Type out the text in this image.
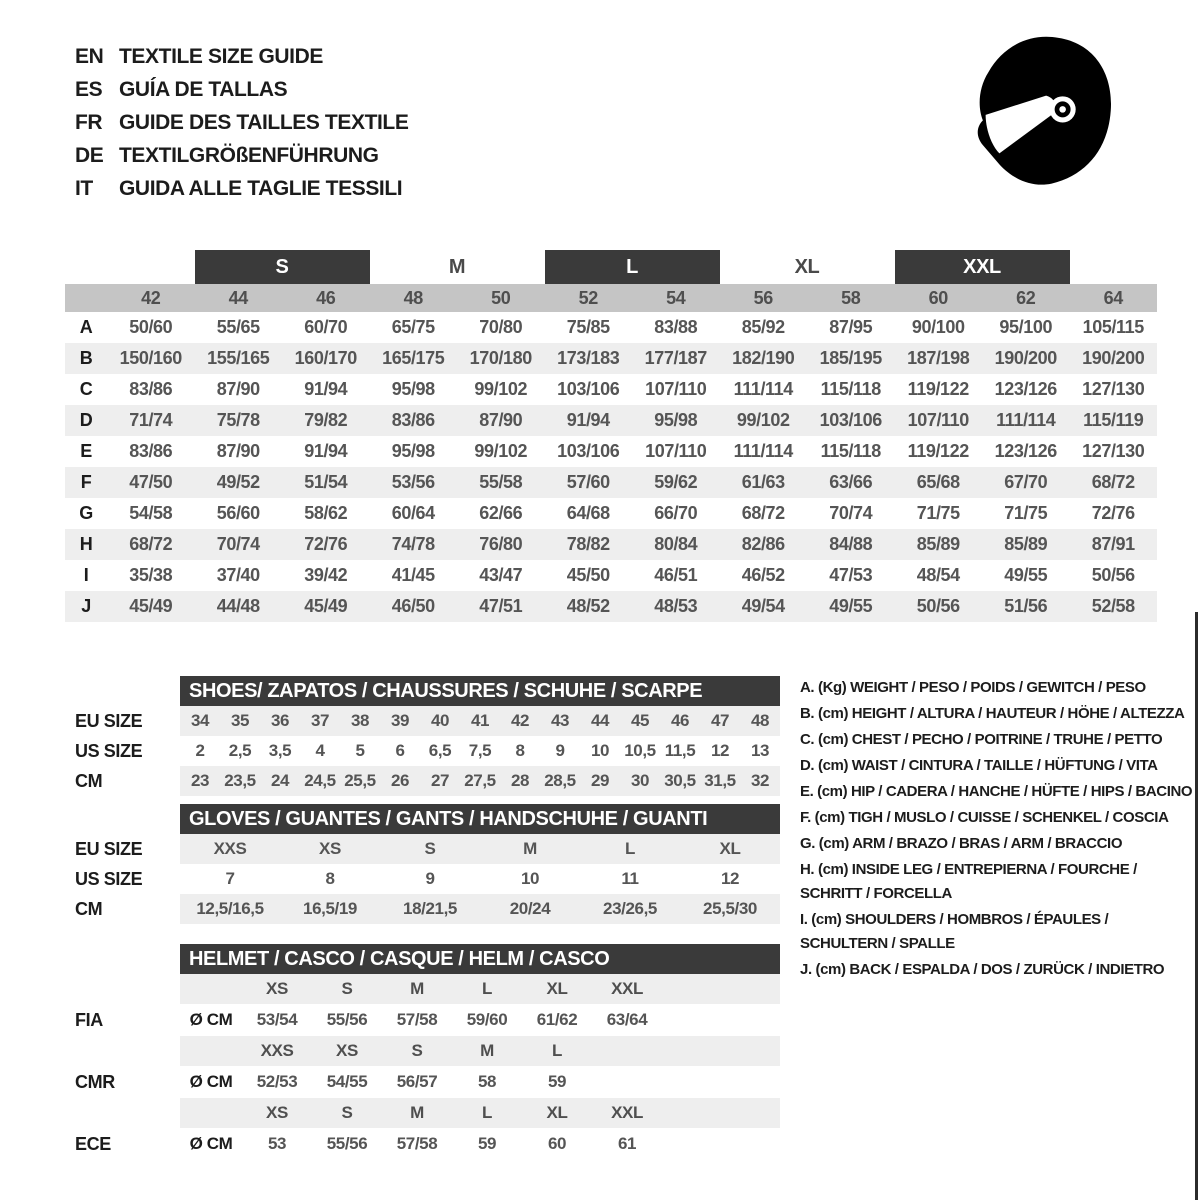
EN TEXTILE SIZE GUIDE
ES GUÍA DE TALLAS
FR GUIDE DES TAILLES TEXTILE
DE TEXTILGRÖßENFÜHRUNG
IT	GUIDA ALLE TAGLIE TESSILI
S	M	L	XL	XXL
42	44	46	48	50	52	54	56	58	60	62	64
A	50/60	55/65	60/70	65/75	70/80	75/85	83/88	85/92	87/95	90/100	95/100	105/115
B	150/160	155/165	160/170	165/175	170/180	173/183	177/187	182/190	185/195	187/198	190/200	190/200
C	83/86	87/90	91/94	95/98	99/102	103/106	107/110	111/114	115/118	119/122	123/126	127/130
D	71/74	75/78	79/82	83/86	87/90	91/94	95/98	99/102	103/106	107/110	111/114	115/119
E	83/86	87/90	91/94	95/98	99/102	103/106	107/110	111/114	115/118	119/122	123/126	127/130
F	47/50	49/52	51/54	53/56	55/58	57/60	59/62	61/63	63/66	65/68	67/70	68/72
G	54/58	56/60	58/62	60/64	62/66	64/68	66/70	68/72	70/74	71/75	71/75	72/76
H	68/72	70/74	72/76	74/78	76/80	78/82	80/84	82/86	84/88	85/89	85/89	87/91
I	35/38	37/40	39/42	41/45	43/47	45/50	46/51	46/52	47/53	48/54	49/55	50/56
J	45/49	44/48	45/49	46/50	47/51	48/52	48/53	49/54	49/55	50/56	51/56	52/58
SHOES/ ZAPATOS / CHAUSSURES / SCHUHE / SCARPE
EU SIZE	34	35	36	37	38	39	40	41	42	43	44	45	46	47	48
US SIZE	2	2,5	3,5	4	5	6	6,5	7,5	8	9	10 10,5 11,5 12	13
CM	23 23,5 24 24,5 25,5 26	27 27,5 28 28,5 29	30 30,5 31,5 32
GLOVES / GUANTES / GANTS / HANDSCHUHE / GUANTI
EU SIZE	XXS	XS	S	M	L	XL
US SIZE	7	8	9	10	11	12
CM	12,5/16,5	16,5/19	18/21,5	20/24	23/26,5	25,5/30
HELMET / CASCO / CASQUE / HELM / CASCO
XS	S	M	L	XL	XXL
FIA	Ø CM	53/54	55/56	57/58	59/60	61/62	63/64
XXS	XS	S	M	L
CMR	Ø CM	52/53	54/55	56/57	58	59
XS	S	M	L	XL	XXL
ECE	Ø CM	53	55/56	57/58	59	60	61
A. (Kg) WEIGHT / PESO / POIDS / GEWITCH / PESO
B. (cm) HEIGHT / ALTURA / HAUTEUR / HÖHE / ALTEZZA
C. (cm) CHEST / PECHO / POITRINE / TRUHE / PETTO
D. (cm) WAIST / CINTURA / TAILLE / HÜFTUNG / VITA
E. (cm) HIP / CADERA / HANCHE / HÜFTE / HIPS / BACINO
F. (cm) TIGH / MUSLO / CUISSE / SCHENKEL / COSCIA
G. (cm) ARM / BRAZO / BRAS / ARM / BRACCIO
H. (cm) INSIDE LEG / ENTREPIERNA / FOURCHE / SCHRITT / FORCELLA
I. (cm) SHOULDERS / HOMBROS / ÉPAULES / SCHULTERN / SPALLE
J. (cm) BACK / ESPALDA / DOS / ZURÜCK / INDIETRO
